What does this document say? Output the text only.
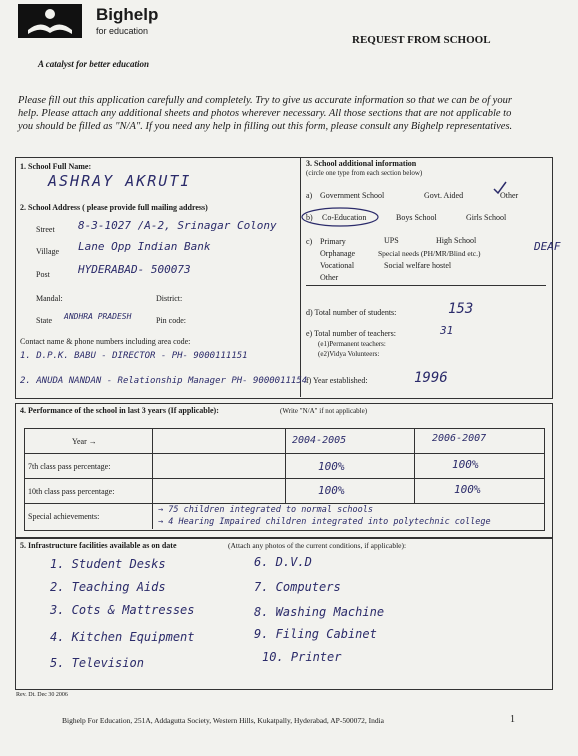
Bighelp
for education
A catalyst for better education
REQUEST FROM SCHOOL
Please fill out this application carefully and completely. Try to give us accurate information so that we can be of your help. Please attach any additional sheets and photos wherever necessary. All those sections that are not applicable to you should be filled as "N/A". If you need any help in filling out this form, please consult any Bighelp representatives.
1. School Full Name:
ASHRAY AKRUTI
2. School Address ( please provide full mailing address)
Street 8-3-1027 /A-2, Srinagar Colony
Village Lane Opp Indian Bank
Post	HYDERABAD- 500073
Mandal:	District:
State ANDHRA PRADESH	Pin code:
Contact name & phone numbers including area code:
1. D.P.K. BABU - DIRECTOR - PH- 9000111151
2. ANUDA NANDAN - Relationship Manager PH- 9000011154
3. School additional information
(circle one type from each section below)
a) Government School	Govt. Aided	Other
b) Co-Education	Boys School	Girls School
c) Primary	UPS	High School
Orphanage	Special needs (PH/MR/Blind etc.)
Vocational	Social welfare hostel
Other
DEAF
d) Total number of students:	153
e) Total number of teachers:	31
(e1)Permanent teachers:
(e2)Vidya Volunteers:
f) Year established:	1996
4. Performance of the school in last 3 years (If applicable):	(Write "N/A" if not applicable)
Year →	2004-2005	2006-2007
7th class pass percentage:	100%	100%
10th class pass percentage:	100%	100%
Special achievements:
→ 75 children integrated to normal schools
→ 4 Hearing Impaired children integrated into polytechnic college
5. Infrastructure facilities available as on date	(Attach any photos of the current conditions, if applicable):
1. Student Desks
2. Teaching Aids
3. Cots & Mattresses
4. Kitchen Equipment
5. Television
6. D.V.D
7. Computers
8. Washing Machine
9. Filing Cabinet
10. Printer
Rev. Dt. Dec 30 2006
Bighelp For Education, 251A, Addagutta Society, Western Hills, Kukatpally, Hyderabad, AP-500072, India	1
